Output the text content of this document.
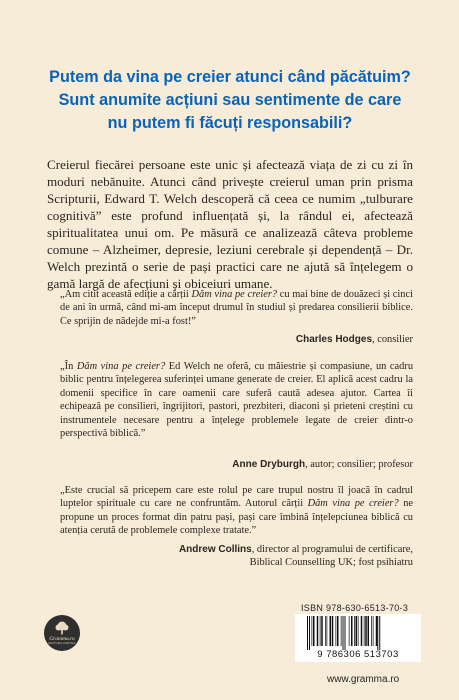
Putem da vina pe creier atunci când păcătuim?
Sunt anumite acțiuni sau sentimente de care
nu putem fi făcuți responsabili?

Creierul fiecărei persoane este unic și afectează viața de zi cu zi în moduri nebănuite. Atunci când privește creierul uman prin prisma Scripturii, Edward T. Welch descoperă că ceea ce numim „tulburare cognitivă” este profund influențată și, la rândul ei, afectează spiritualitatea unui om. Pe măsură ce analizează câteva probleme comune – Alzheimer, depresie, leziuni cerebrale și dependență – Dr. Welch prezintă o serie de pași practici care ne ajută să înțelegem o gamă largă de afecțiuni și obiceiuri umane.

„Am citit această ediție a cărții Dăm vina pe creier? cu mai bine de douăzeci și cinci de ani în urmă, când mi-am început drumul în studiul și predarea consilierii biblice. Ce sprijin de nădejde mi-a fost!”

Charles Hodges, consilier

„În Dăm vina pe creier? Ed Welch ne oferă, cu măiestrie și compasiune, un cadru biblic pentru înțelegerea suferinței umane generate de creier. El aplică acest cadru la domenii specifice în care oamenii care suferă caută adesea ajutor. Cartea îi echipează pe consilieri, îngrijitori, pastori, prezbiteri, diaconi și prieteni creștini cu instrumentele necesare pentru a înțelege problemele legate de creier dintr-o perspectivă biblică.”

Anne Dryburgh, autor; consilier; profesor

„Este crucial să pricepem care este rolul pe care trupul nostru îl joacă în cadrul luptelor spirituale cu care ne confruntăm. Autorul cărții Dăm vina pe creier? ne propune un proces format din patru pași, pași care îmbină înțelepciunea biblică cu atenția cerută de problemele complexe tratate.”

Andrew Collins, director al programului de certificare,
Biblical Counselling UK; fost psihiatru
Gramma.ro
EDITURA CARTEA
ISBN 978-630-6513-70-3
9 786306 513703
www.gramma.ro
